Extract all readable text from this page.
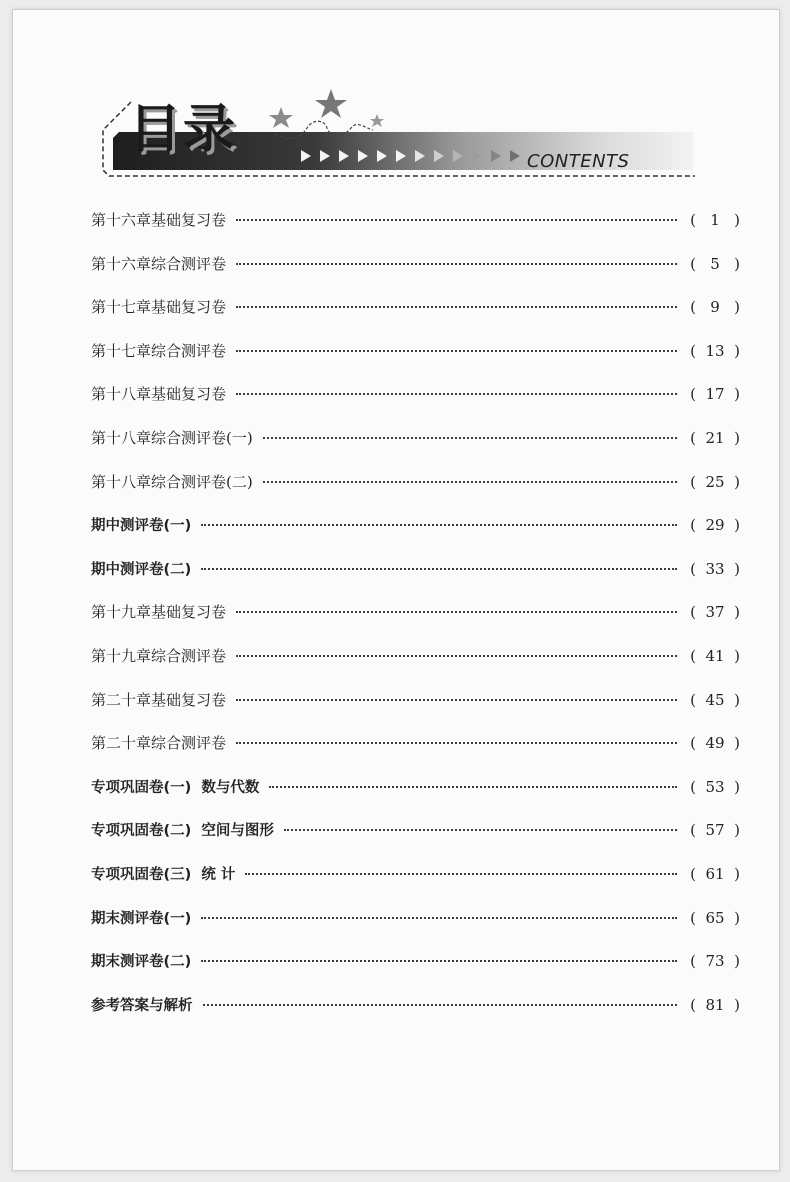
目录
CONTENTS
第十六章基础复习卷	( 1 )
第十六章综合测评卷	( 5 )
第十七章基础复习卷	( 9 )
第十七章综合测评卷	( 13 )
第十八章基础复习卷	( 17 )
第十八章综合测评卷(一)	( 21 )
第十八章综合测评卷(二)	( 25 )
期中测评卷(一)	( 29 )
期中测评卷(二)	( 33 )
第十九章基础复习卷	( 37 )
第十九章综合测评卷	( 41 )
第二十章基础复习卷	( 45 )
第二十章综合测评卷	( 49 )
专项巩固卷(一)  数与代数	( 53 )
专项巩固卷(二)  空间与图形	( 57 )
专项巩固卷(三)  统 计	( 61 )
期末测评卷(一)	( 65 )
期末测评卷(二)	( 73 )
参考答案与解析	( 81 )
